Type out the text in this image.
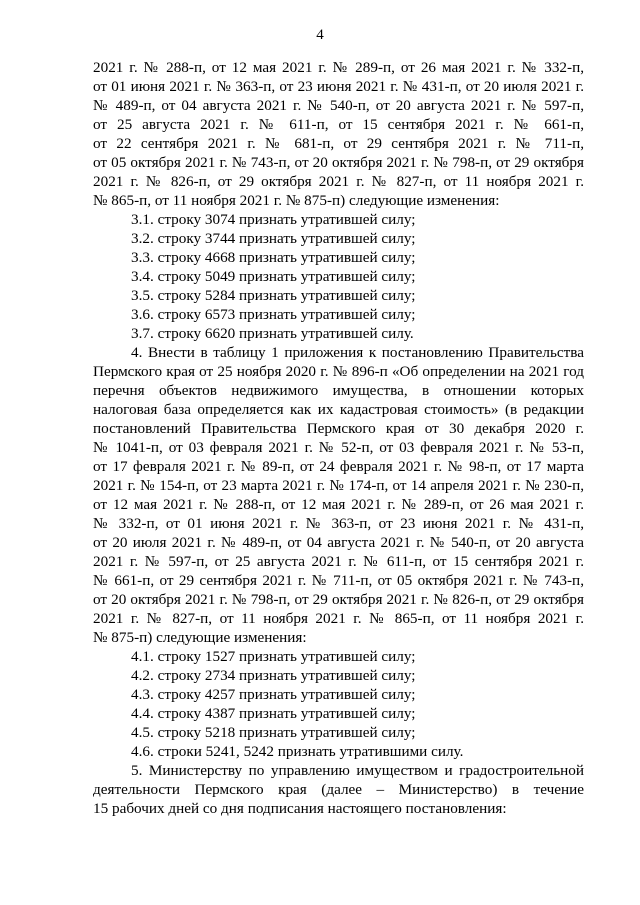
4
2021 г. № 288-п, от 12 мая 2021 г. № 289-п, от 26 мая 2021 г. № 332-п,
от 01 июня 2021 г. № 363-п, от 23 июня 2021 г. № 431-п, от 20 июля 2021 г.
№ 489-п, от 04 августа 2021 г. № 540-п, от 20 августа 2021 г. № 597-п,
от 25 августа 2021 г. № 611-п, от 15 сентября 2021 г. № 661-п,
от 22 сентября 2021 г. № 681-п, от 29 сентября 2021 г. № 711-п,
от 05 октября 2021 г. № 743-п, от 20 октября 2021 г. № 798-п, от 29 октября
2021 г. № 826-п, от 29 октября 2021 г. № 827-п, от 11 ноября 2021 г.
№ 865-п, от 11 ноября 2021 г. № 875-п) следующие изменения:
3.1. строку 3074 признать утратившей силу;
3.2. строку 3744 признать утратившей силу;
3.3. строку 4668 признать утратившей силу;
3.4. строку 5049 признать утратившей силу;
3.5. строку 5284 признать утратившей силу;
3.6. строку 6573 признать утратившей силу;
3.7. строку 6620 признать утратившей силу.
4. Внести в таблицу 1 приложения к постановлению Правительства
Пермского края от 25 ноября 2020 г. № 896-п «Об определении на 2021 год
перечня объектов недвижимого имущества, в отношении которых
налоговая база определяется как их кадастровая стоимость» (в редакции
постановлений Правительства Пермского края от 30 декабря 2020 г.
№ 1041-п, от 03 февраля 2021 г. № 52-п, от 03 февраля 2021 г. № 53-п,
от 17 февраля 2021 г. № 89-п, от 24 февраля 2021 г. № 98-п, от 17 марта
2021 г. № 154-п, от 23 марта 2021 г. № 174-п, от 14 апреля 2021 г. № 230-п,
от 12 мая 2021 г. № 288-п, от 12 мая 2021 г. № 289-п, от 26 мая 2021 г.
№ 332-п, от 01 июня 2021 г. № 363-п, от 23 июня 2021 г. № 431-п,
от 20 июля 2021 г. № 489-п, от 04 августа 2021 г. № 540-п, от 20 августа
2021 г. № 597-п, от 25 августа 2021 г. № 611-п, от 15 сентября 2021 г.
№ 661-п, от 29 сентября 2021 г. № 711-п, от 05 октября 2021 г. № 743-п,
от 20 октября 2021 г. № 798-п, от 29 октября 2021 г. № 826-п, от 29 октября
2021 г. № 827-п, от 11 ноября 2021 г. № 865-п, от 11 ноября 2021 г.
№ 875-п) следующие изменения:
4.1. строку 1527 признать утратившей силу;
4.2. строку 2734 признать утратившей силу;
4.3. строку 4257 признать утратившей силу;
4.4. строку 4387 признать утратившей силу;
4.5. строку 5218 признать утратившей силу;
4.6. строки 5241, 5242 признать утратившими силу.
5. Министерству по управлению имуществом и градостроительной
деятельности Пермского края (далее – Министерство) в течение
15 рабочих дней со дня подписания настоящего постановления:
